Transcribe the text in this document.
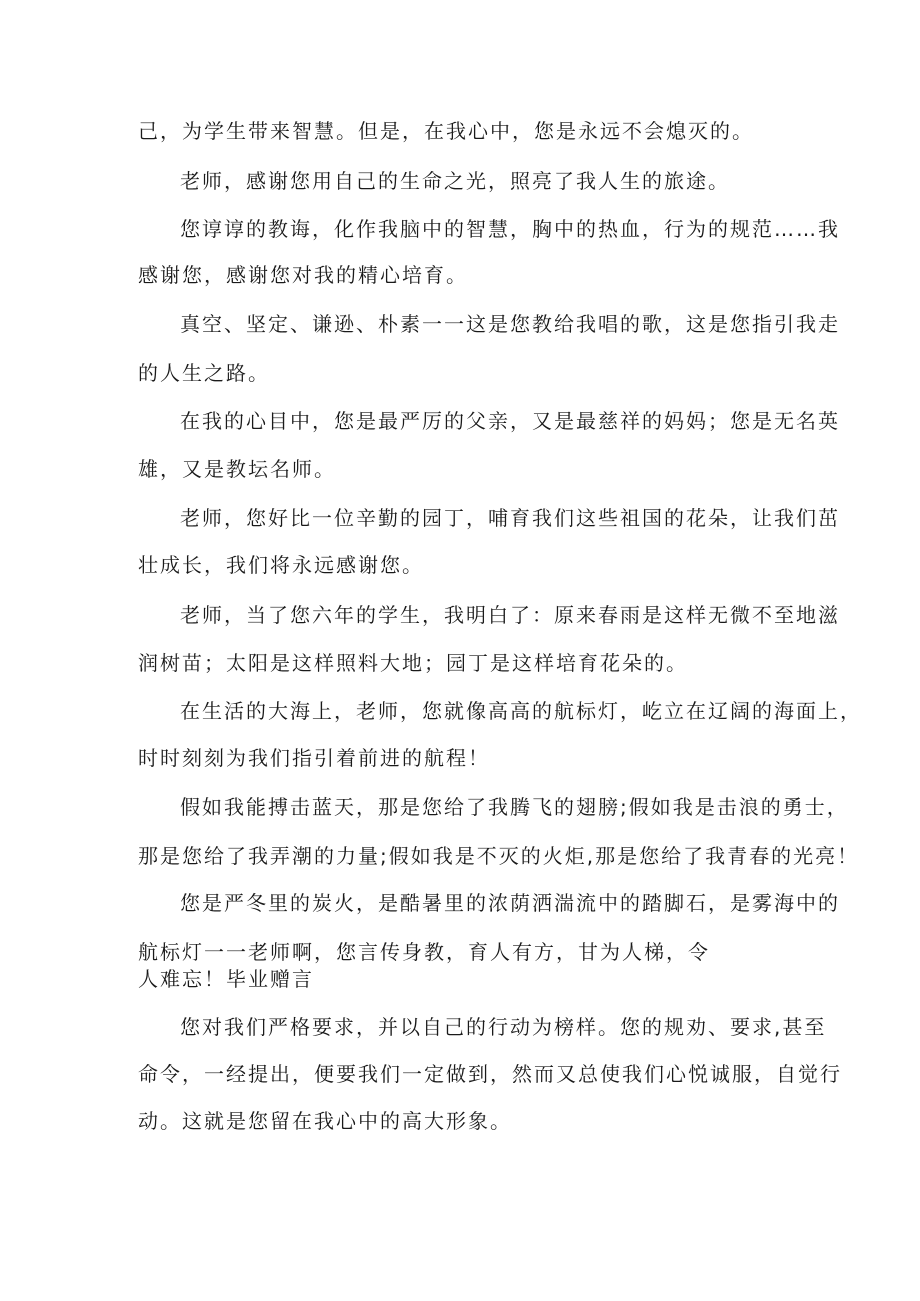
己，为学生带来智慧。但是，在我心中，您是永远不会熄灭的。

老师，感谢您用自己的生命之光，照亮了我人生的旅途。

您谆谆的教诲，化作我脑中的智慧，胸中的热血，行为的规范……我

感谢您，感谢您对我的精心培育。

真空、坚定、谦逊、朴素一一这是您教给我唱的歌，这是您指引我走

的人生之路。

在我的心目中，您是最严厉的父亲，又是最慈祥的妈妈；您是无名英

雄，又是教坛名师。

老师，您好比一位辛勤的园丁，哺育我们这些祖国的花朵，让我们茁

壮成长，我们将永远感谢您。

老师，当了您六年的学生，我明白了：原来春雨是这样无微不至地滋

润树苗；太阳是这样照料大地；园丁是这样培育花朵的。

在生活的大海上，老师，您就像高高的航标灯，屹立在辽阔的海面上，

时时刻刻为我们指引着前进的航程！

假如我能搏击蓝天，那是您给了我腾飞的翅膀;假如我是击浪的勇士，

那是您给了我弄潮的力量;假如我是不灭的火炬,那是您给了我青春的光亮！

您是严冬里的炭火，是酷暑里的浓荫洒湍流中的踏脚石，是雾海中的

航标灯一一老师啊，您言传身教，育人有方，甘为人梯，令

人难忘！毕业赠言

您对我们严格要求，并以自己的行动为榜样。您的规劝、要求,甚至

命令，一经提出，便要我们一定做到，然而又总使我们心悦诚服，自觉行

动。这就是您留在我心中的高大形象。
